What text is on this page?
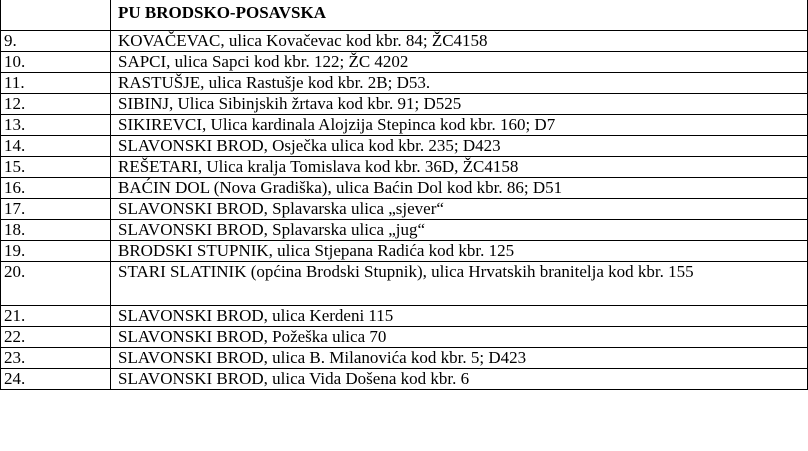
	PU BRODSKO-POSAVSKA
9.	KOVAČEVAC, ulica Kovačevac kod kbr. 84; ŽC4158
10.	SAPCI, ulica Sapci kod kbr. 122; ŽC 4202
11.	RASTUŠJE, ulica Rastušje kod kbr. 2B; D53.
12.	SIBINJ, Ulica Sibinjskih žrtava kod kbr. 91; D525
13.	SIKIREVCI, Ulica kardinala Alojzija Stepinca kod kbr. 160; D7
14.	SLAVONSKI BROD, Osječka ulica kod kbr. 235; D423
15.	REŠETARI, Ulica kralja Tomislava kod kbr. 36D, ŽC4158
16.	BAĆIN DOL (Nova Gradiška), ulica Baćin Dol kod kbr. 86; D51
17.	SLAVONSKI BROD, Splavarska ulica „sjever“
18.	SLAVONSKI BROD, Splavarska ulica „jug“
19.	BRODSKI STUPNIK, ulica Stjepana Radića kod kbr. 125
20.	STARI SLATINIK (općina Brodski Stupnik), ulica Hrvatskih branitelja kod kbr. 155
21.	SLAVONSKI BROD, ulica Kerdeni 115
22.	SLAVONSKI BROD, Požeška ulica 70
23.	SLAVONSKI BROD, ulica B. Milanovića kod kbr. 5; D423
24.	SLAVONSKI BROD, ulica Vida Došena kod kbr. 6
